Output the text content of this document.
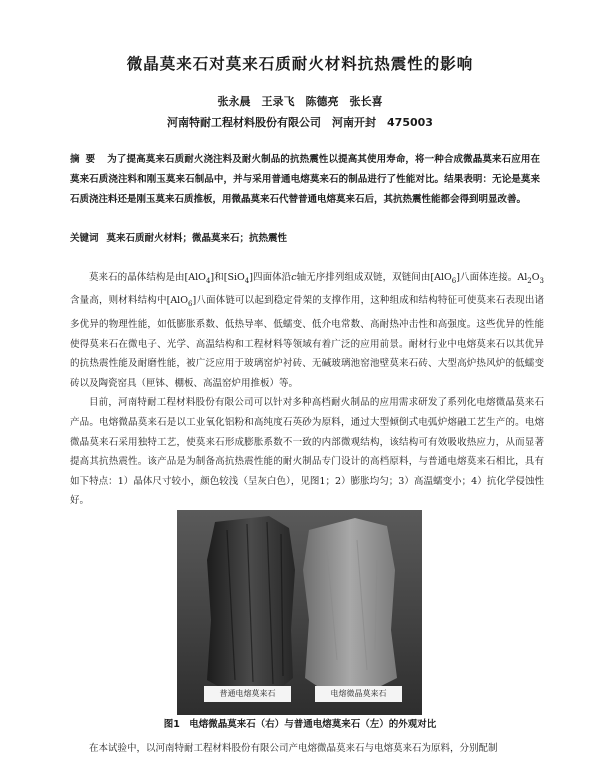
微晶莫来石对莫来石质耐火材料抗热震性的影响
张永晨　王录飞　陈德亮　张长喜
河南特耐工程材料股份有限公司　河南开封　475003
摘要 为了提高莫来石质耐火浇注料及耐火制品的抗热震性以提高其使用寿命，将一种合成微晶莫来石应用在莫来石质浇注料和刚玉莫来石制品中，并与采用普通电熔莫来石的制品进行了性能对比。结果表明：无论是莫来石质浇注料还是刚玉莫来石质推板，用微晶莫来石代替普通电熔莫来石后，其抗热震性能都会得到明显改善。
关键词 莫来石质耐火材料；微晶莫来石；抗热震性

莫来石的晶体结构是由[AlO$_4$]和[SiO$_4$]四面体沿c轴无序排列组成双链，双链间由[AlO$_6$]八面体连接。$Al_2O_3$含量高，则材料结构中[AlO$_6$]八面体链可以起到稳定骨架的支撑作用，这种组成和结构特征可使莫来石表现出诸多优异的物理性能，如低膨胀系数、低热导率、低蠕变、低介电常数、高耐热冲击性和高强度。这些优异的性能使得莫来石在微电子、光学、高温结构和工程材料等领域有着广泛的应用前景。耐材行业中电熔莫来石以其优异的抗热震性能及耐磨性能，被广泛应用于玻璃窑炉衬砖、无碱玻璃池窑池壁莫来石砖、大型高炉热风炉的低蠕变砖以及陶瓷窑具（匣钵、棚板、高温窑炉用推板）等。

目前，河南特耐工程材料股份有限公司可以针对多种高档耐火制品的应用需求研发了系列化电熔微晶莫来石产品。电熔微晶莫来石是以工业氧化铝粉和高纯度石英砂为原料，通过大型倾倒式电弧炉熔融工艺生产的。电熔微晶莫来石采用独特工艺，使莫来石形成膨胀系数不一致的内部微观结构，该结构可有效吸收热应力，从而显著提高其抗热震性。该产品是为制备高抗热震性能的耐火制品专门设计的高档原料，与普通电熔莫来石相比，具有如下特点：1）晶体尺寸较小，颜色较浅（呈灰白色），见图1；2）膨胀均匀；3）高温蠕变小；4）抗化学侵蚀性好。

普通电熔莫来石	电熔微晶莫来石
图1　电熔微晶莫来石（右）与普通电熔莫来石（左）的外观对比
在本试验中，以河南特耐工程材料股份有限公司产电熔微晶莫来石与电熔莫来石为原料，分别配制
